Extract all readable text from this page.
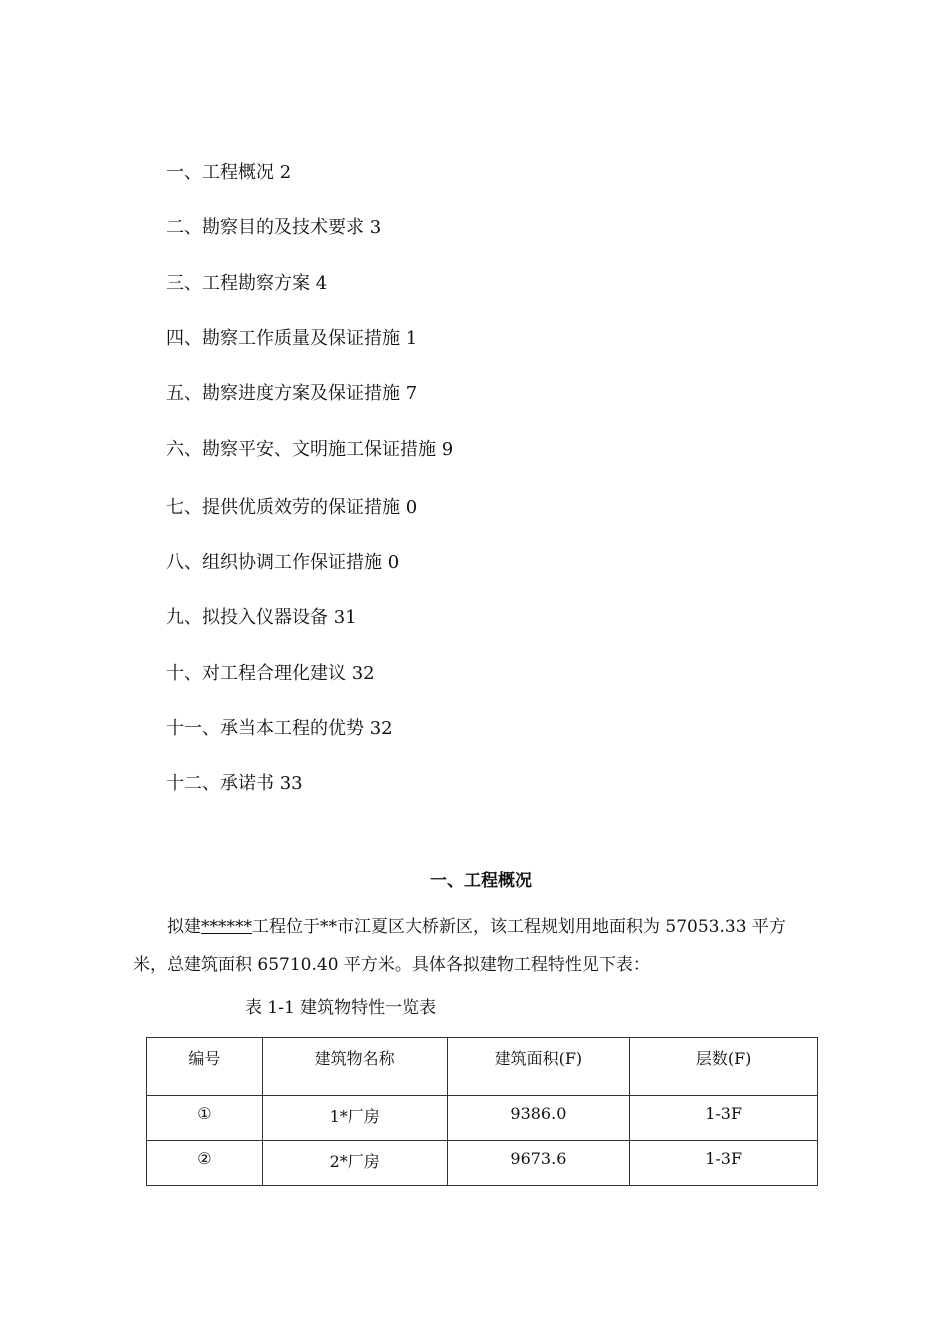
一、工程概况 2
二、勘察目的及技术要求 3
三、工程勘察方案 4
四、勘察工作质量及保证措施 1
五、勘察进度方案及保证措施 7
六、勘察平安、文明施工保证措施 9
七、提供优质效劳的保证措施 0
八、组织协调工作保证措施 0
九、拟投入仪器设备 31
十、对工程合理化建议 32
十一、承当本工程的优势 32
十二、承诺书 33
一、工程概况

拟建******工程位于**市江夏区大桥新区，该工程规划用地面积为 57053.33 平方米，总建筑面积 65710.40 平方米。具体各拟建物工程特性见下表：

表 1-1 建筑物特性一览表

编号	建筑物名称	建筑面积(F)	层数(F)
①	1*厂房	9386.0	1-3F
②	2*厂房	9673.6	1-3F
